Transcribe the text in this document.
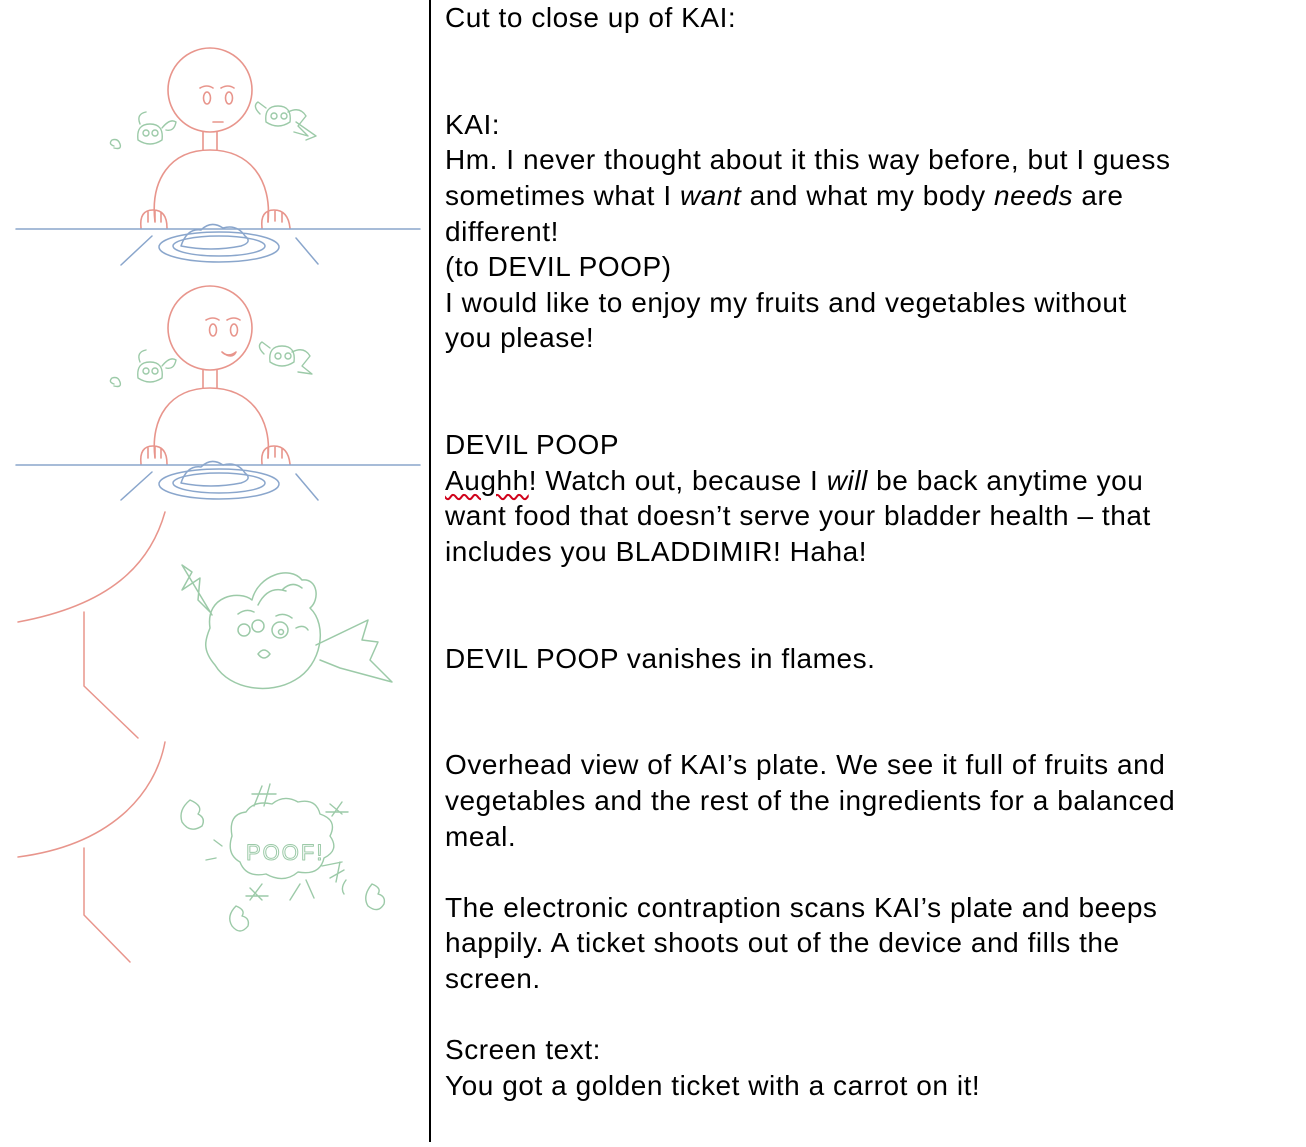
POOF!

Cut to close up of KAI:

KAI:

Hm. I never thought about it this way before, but I guess

sometimes what I want and what my body needs are

different!

(to DEVIL POOP)

I would like to enjoy my fruits and vegetables without

you please!

DEVIL POOP

Aughh! Watch out, because I will be back anytime you

want food that doesn’t serve your bladder health – that

includes you BLADDIMIR! Haha!

DEVIL POOP vanishes in flames.

Overhead view of KAI’s plate. We see it full of fruits and

vegetables and the rest of the ingredients for a balanced

meal.

The electronic contraption scans KAI’s plate and beeps

happily. A ticket shoots out of the device and fills the

screen.

Screen text:

You got a golden ticket with a carrot on it!
